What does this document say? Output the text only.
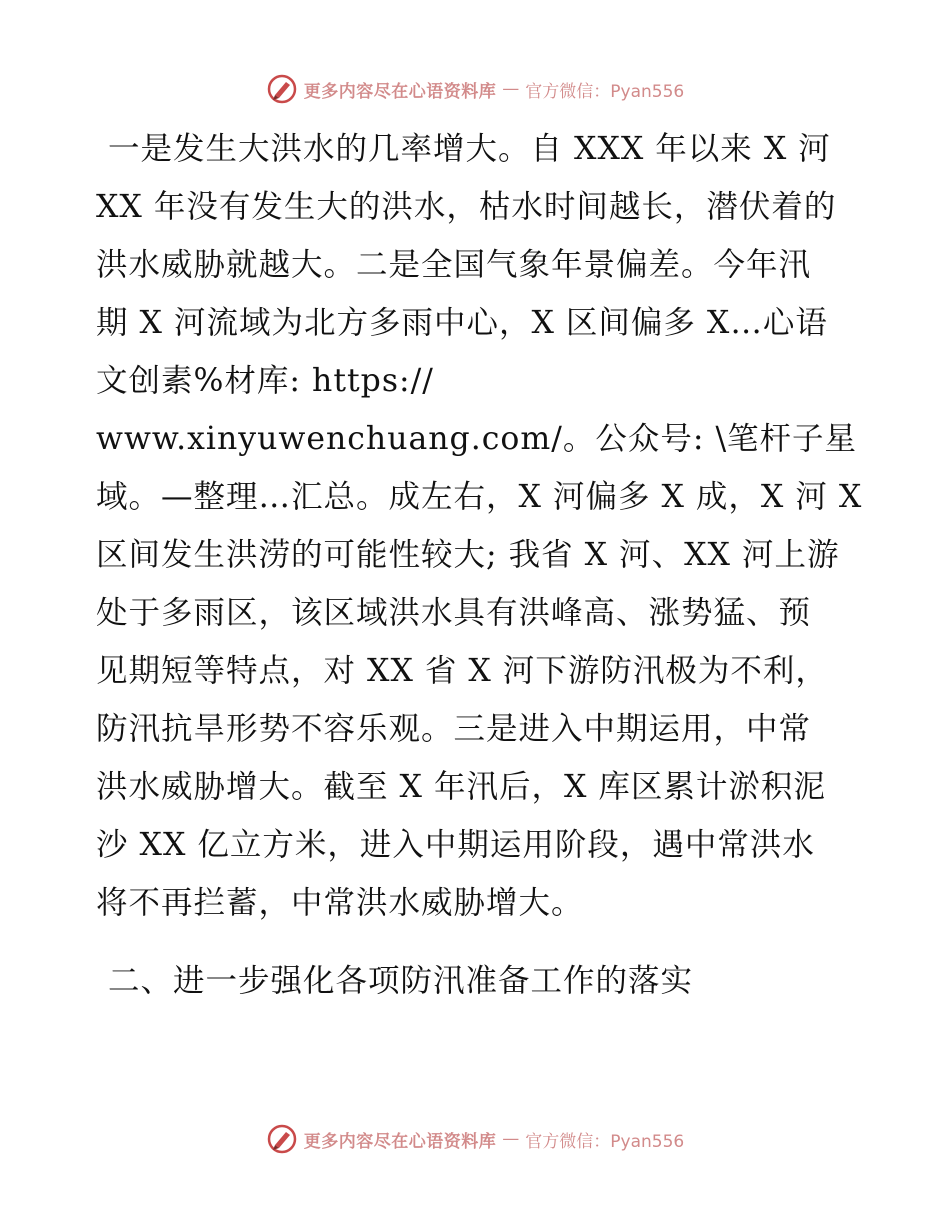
更多内容尽在心语资料库 — 官方微信：Pyan556
一是发生大洪水的几率增大。自 XXX 年以来 X 河
XX 年没有发生大的洪水，枯水时间越长，潜伏着的
洪水威胁就越大。二是全国气象年景偏差。今年汛
期 X 河流域为北方多雨中心，X 区间偏多 X…心语
文创素%材库: https://
www.xinyuwenchuang.com/。公众号: \笔杆子星
域。—整理…汇总。成左右，X 河偏多 X 成，X 河 X
区间发生洪涝的可能性较大; 我省 X 河、XX 河上游
处于多雨区，该区域洪水具有洪峰高、涨势猛、预
见期短等特点，对 XX 省 X 河下游防汛极为不利，
防汛抗旱形势不容乐观。三是进入中期运用，中常
洪水威胁增大。截至 X 年汛后，X 库区累计淤积泥
沙 XX 亿立方米，进入中期运用阶段，遇中常洪水
将不再拦蓄，中常洪水威胁增大。
二、进一步强化各项防汛准备工作的落实
更多内容尽在心语资料库 — 官方微信：Pyan556
